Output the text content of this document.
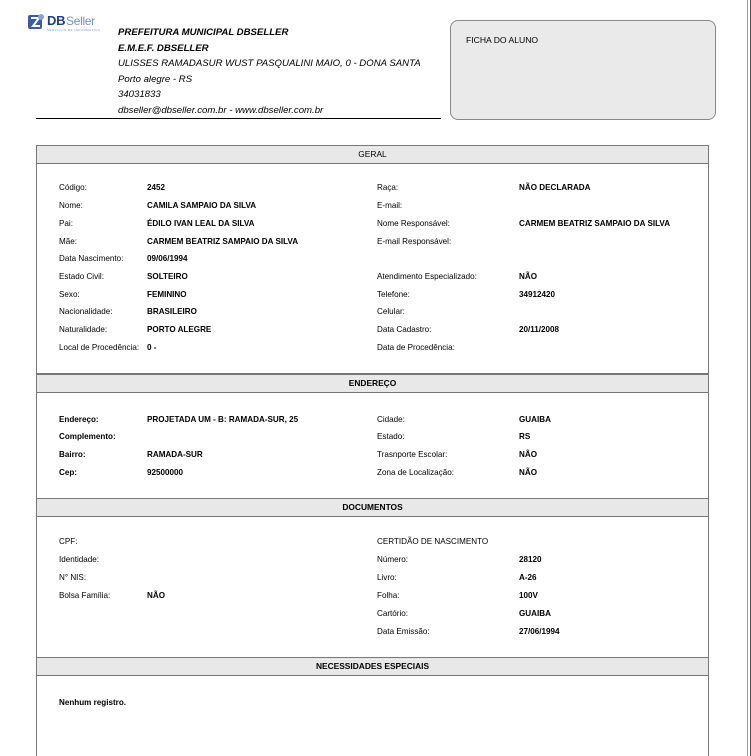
DB Seller
SERVIÇOS DE INFORMÁTICA PREFEITURA MUNICIPAL DBSELLER
E.M.E.F. DBSELLER
ULISSES RAMADASUR WUST PASQUALINI MAIO, 0 - DONA SANTA
Porto alegre - RS
34031833
dbseller@dbseller.com.br - www.dbseller.com.br
FICHA DO ALUNO
GERAL
Código:	2452
Nome:	CAMILA SAMPAIO DA SILVA
Pai:	ÉDILO IVAN LEAL DA SILVA
Mãe:	CARMEM BEATRIZ SAMPAIO DA SILVA
Data Nascimento:	09/06/1994
Estado Civil:	SOLTEIRO
Sexo:	FEMININO
Nacionalidade:	BRASILEIRO
Naturalidade:	PORTO ALEGRE
Local de Procedência: 0 -
Raça:	NÃO DECLARADA
E-mail:
Nome Responsável:	CARMEM BEATRIZ SAMPAIO DA SILVA
E-mail Responsável:
Atendimento Especializado:	NÃO
Telefone:	34912420
Celular:
Data Cadastro:	20/11/2008
Data de Procedência:
ENDEREÇO
Endereço:	PROJETADA UM - B: RAMADA-SUR, 25
Complemento:
Bairro:	RAMADA-SUR
Cep:	92500000
Cidade:	GUAIBA
Estado:	RS
Trasnporte Escolar:	NÃO
Zona de Localização:	NÃO
DOCUMENTOS
CPF:
Identidade:
N° NIS:
Bolsa Família:	NÃO
CERTIDÃO DE NASCIMENTO
Número:	28120
Livro:	A-26
Folha:	100V
Cartório:	GUAIBA
Data Emissão:	27/06/1994
NECESSIDADES ESPECIAIS
Nenhum registro.
